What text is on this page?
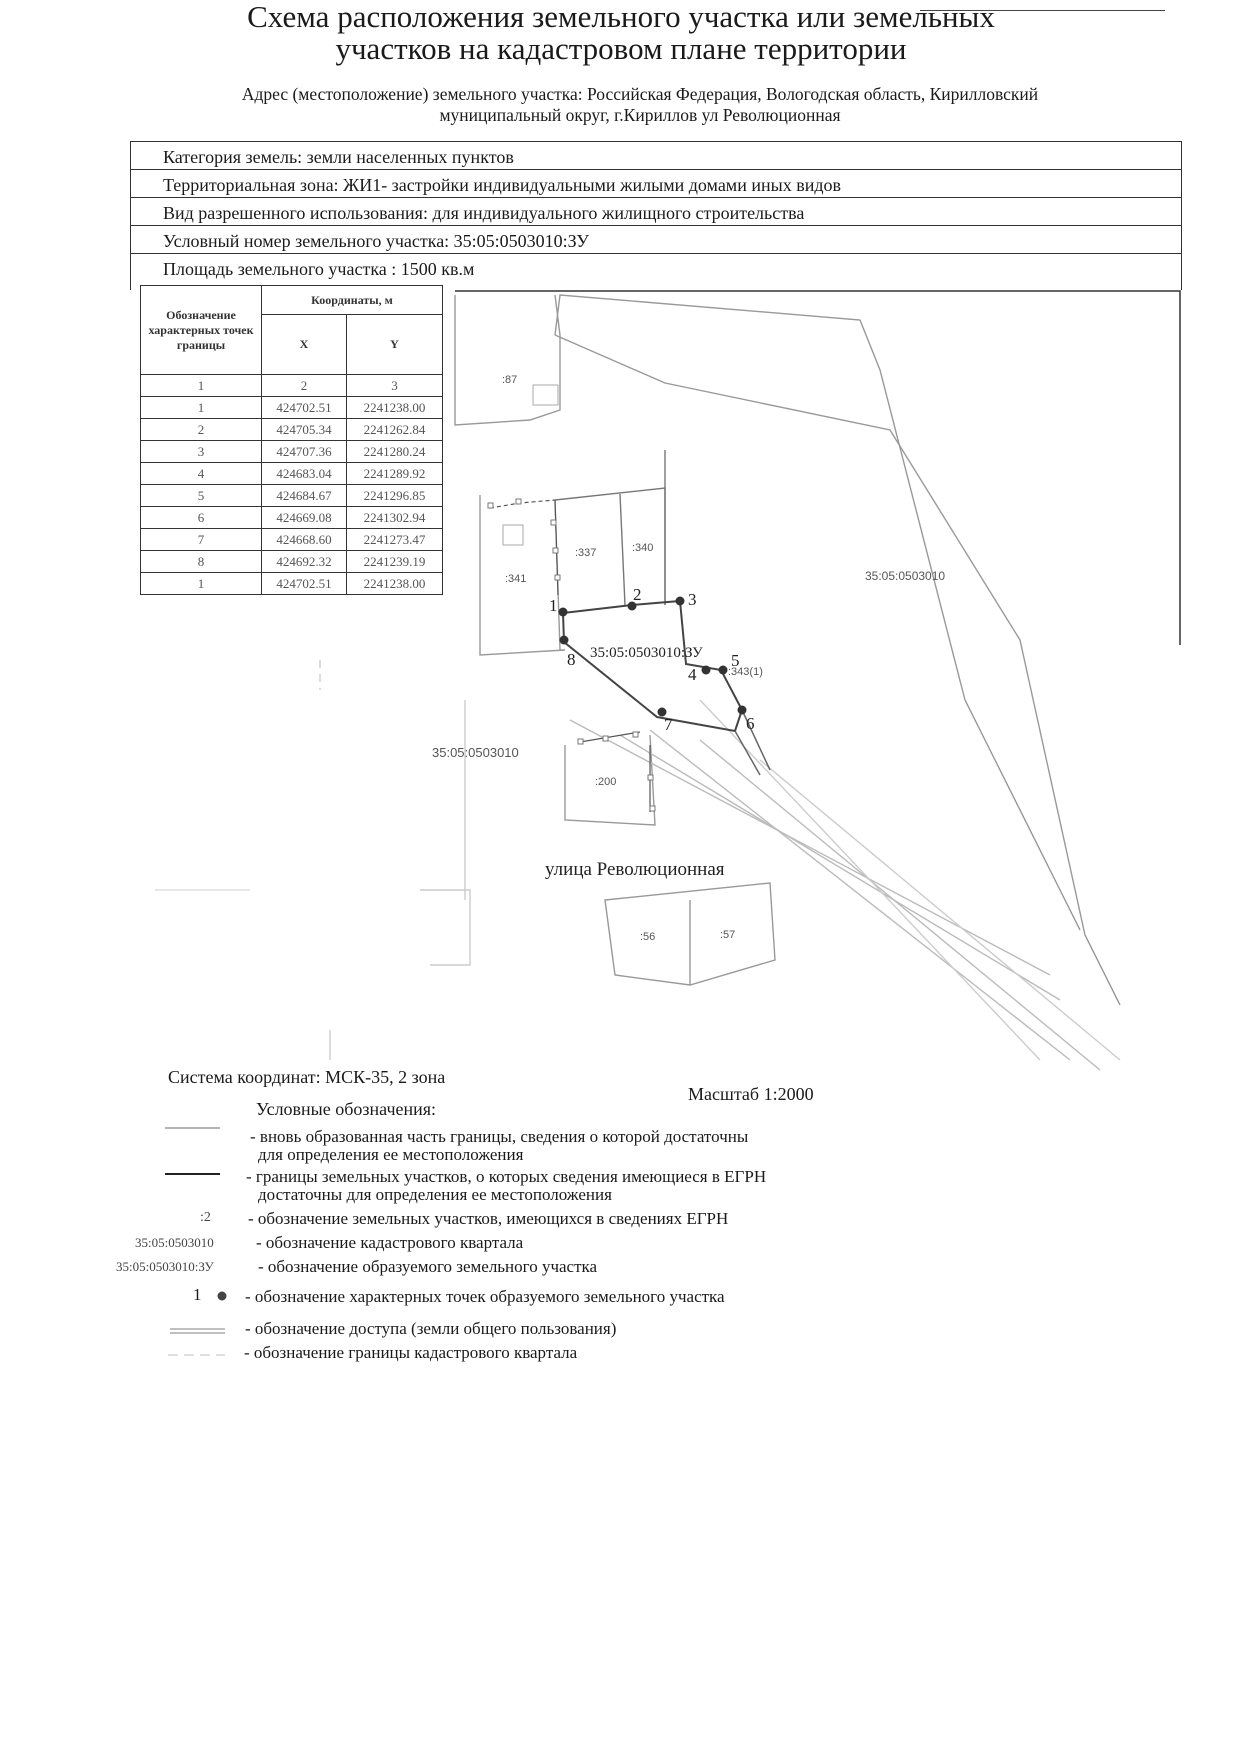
Схема расположения земельного участка или земельных
участков на кадастровом плане территории
Адрес (местоположение) земельного участка: Российская Федерация, Вологодская область, Кирилловский
муниципальный округ, г.Кириллов ул Революционная
Категория земель: земли населенных пунктов
Территориальная зона: ЖИ1- застройки индивидуальными жилыми домами иных видов
Вид разрешенного использования: для индивидуального жилищного строительства
Условный номер земельного участка: 35:05:0503010:ЗУ
Площадь земельного участка : 1500 кв.м
:87
:341
:337	:340
:343(1)
:200
:56	:57
35:05:0503010
35:05:0503010
35:05:0503010:ЗУ
улица Революционная
1
2	3
4
5
6
7
8
Обозначение характерных точек границы	Координаты, м	
	X	Y
1	2	3
1	424702.51	2241238.00
2	424705.34	2241262.84
3	424707.36	2241280.24
4	424683.04	2241289.92
5	424684.67	2241296.85
6	424669.08	2241302.94
7	424668.60	2241273.47
8	424692.32	2241239.19
1	424702.51	2241238.00
Система координат: МСК-35, 2 зона
Масштаб 1:2000
Условные обозначения:
- вновь образованная часть границы, сведения о которой достаточны
для определения ее местоположения
- границы земельных участков, о которых сведения имеющиеся в ЕГРН
достаточны для определения ее местоположения
:2 - обозначение земельных участков, имеющихся в сведениях ЕГРН
35:05:0503010 - обозначение кадастрового квартала
35:05:0503010:ЗУ	- обозначение образуемого земельного участка
1	- обозначение характерных точек образуемого земельного участка
- обозначение доступа (земли общего пользования)
- обозначение границы кадастрового квартала
